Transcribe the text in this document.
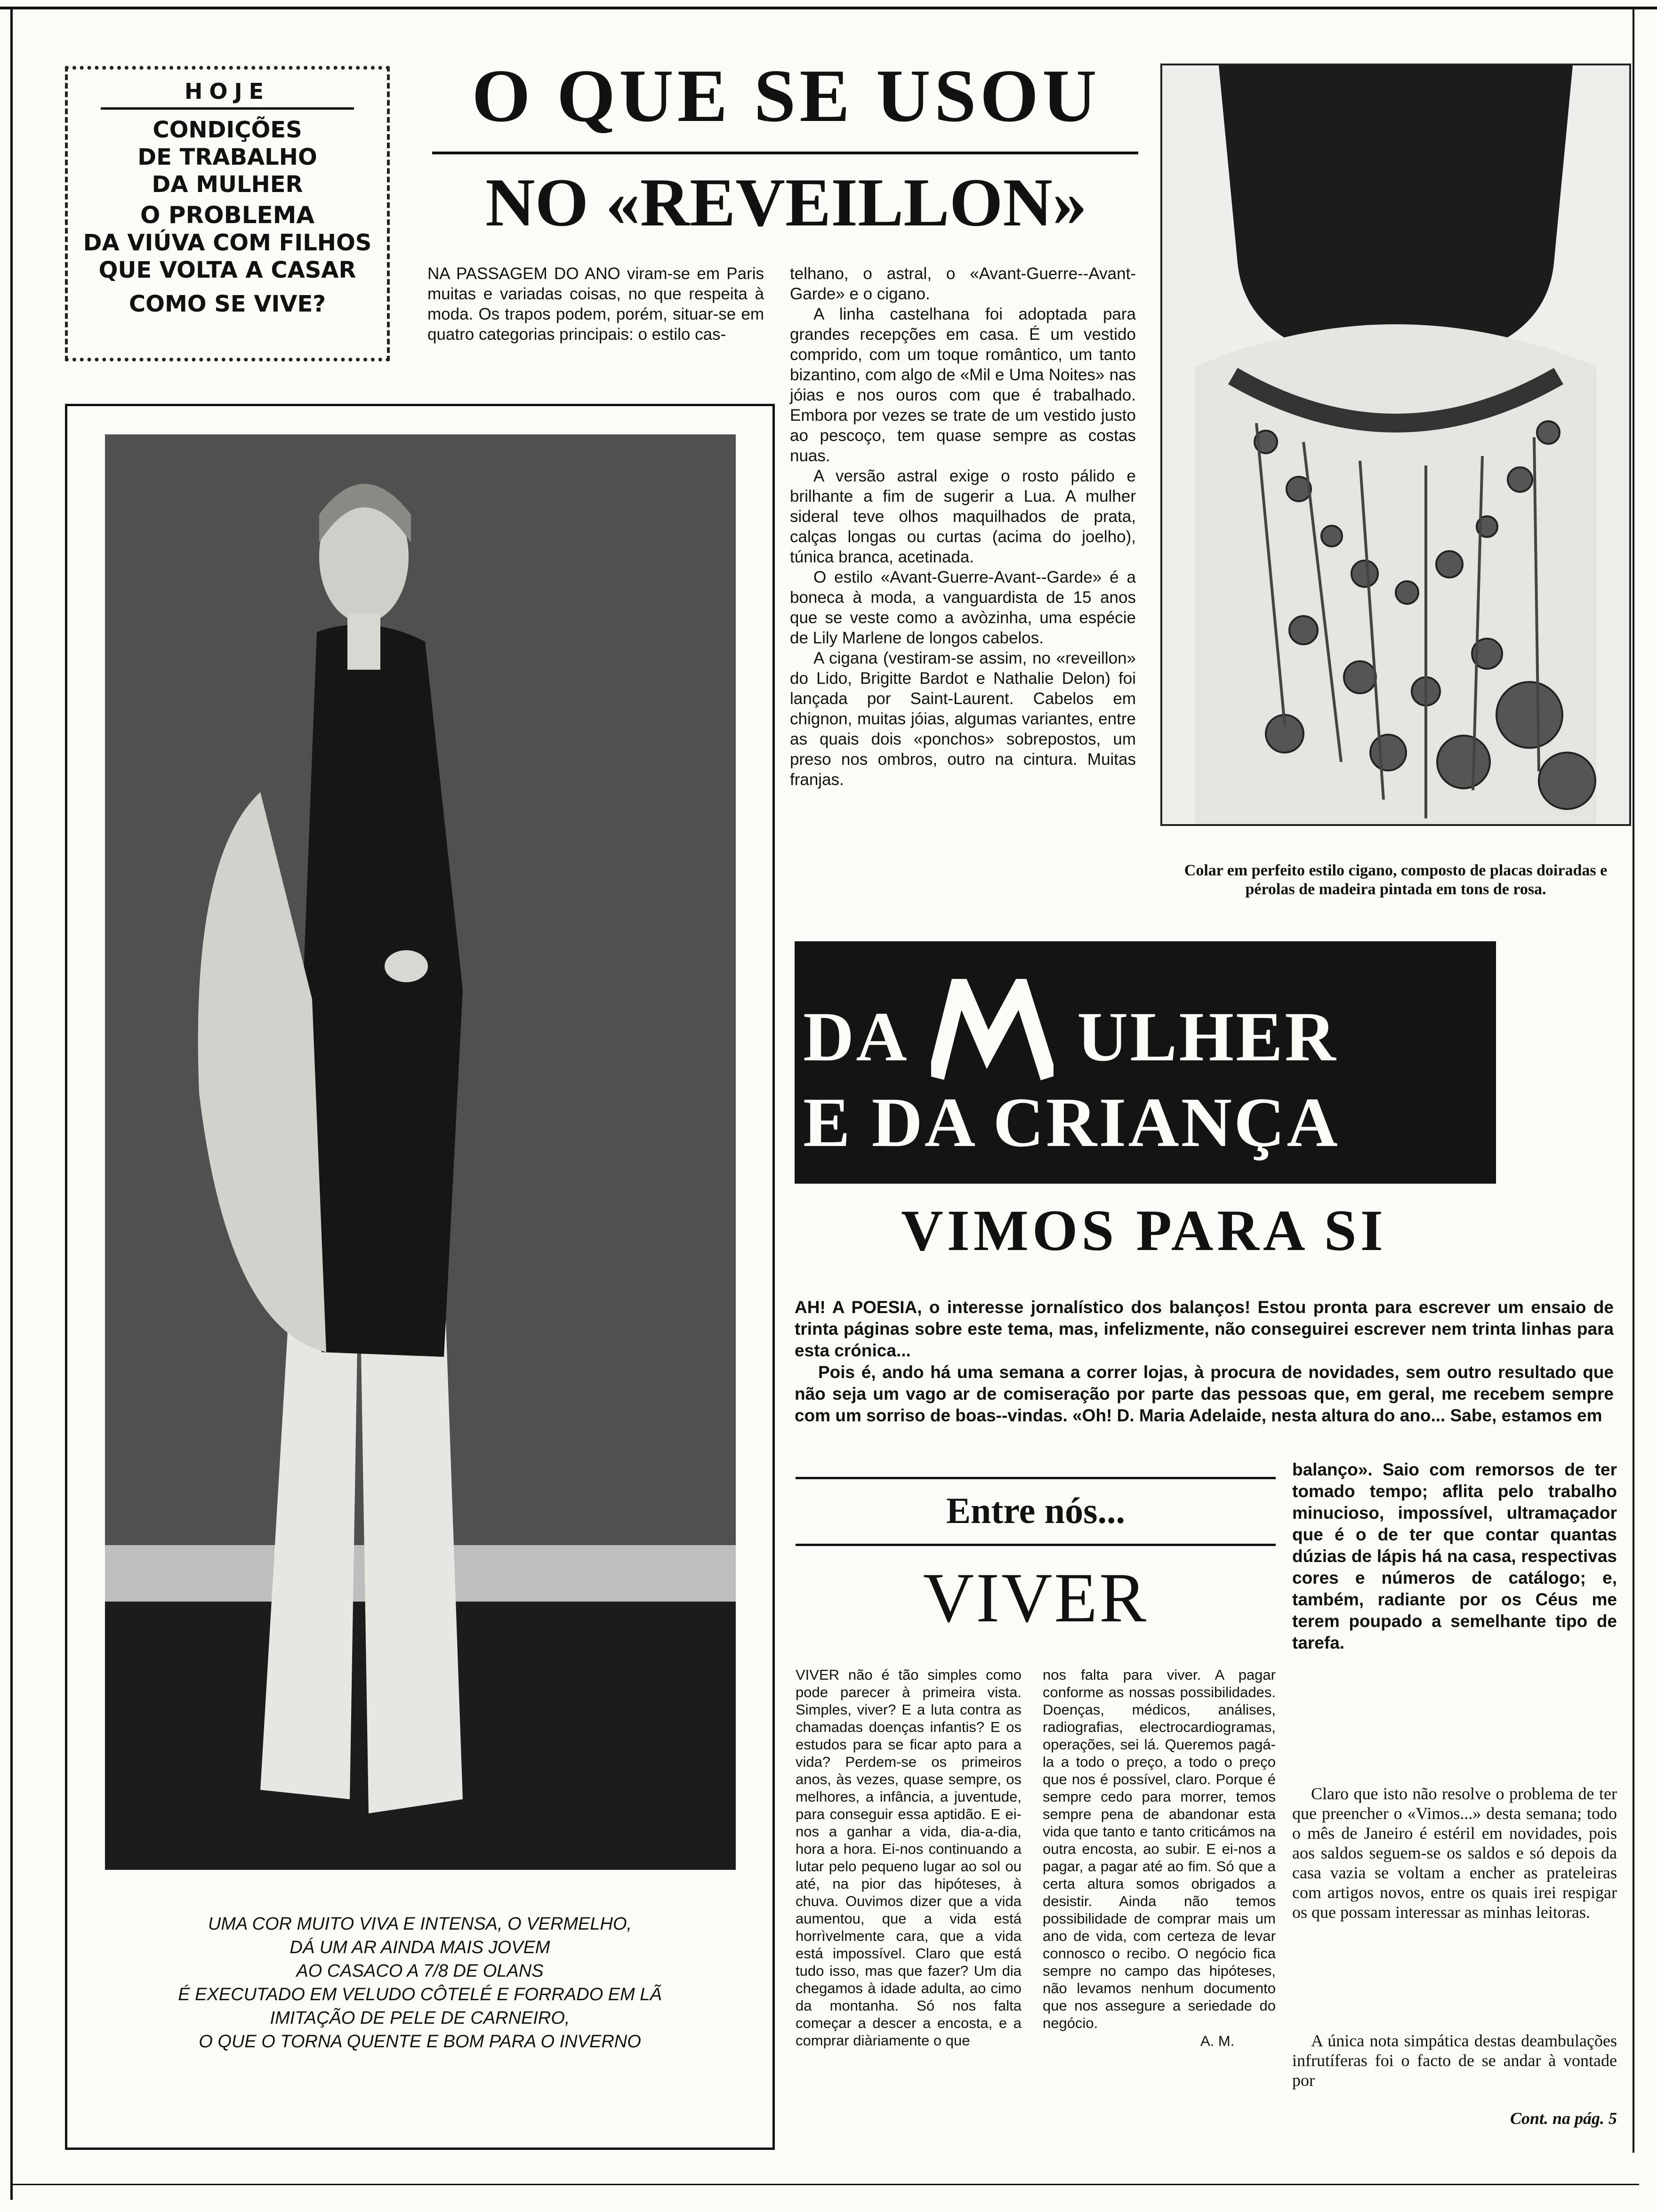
HOJE
CONDIÇÕES
DE TRABALHO
DA MULHER
O PROBLEMA
DA VIÚVA COM FILHOS
QUE VOLTA A CASAR
COMO SE VIVE?
O QUE SE USOU
NO «REVEILLON»

NA PASSAGEM DO ANO viram-se em Paris muitas e variadas coisas, no que respeita à moda. Os trapos podem, porém, situar-se em quatro categorias principais: o estilo cas-

telhano, o astral, o «Avant-Guerre--Avant-Garde» e o cigano.

A linha castelhana foi adoptada para grandes recepções em casa. É um vestido comprido, com um toque romântico, um tanto bizantino, com algo de «Mil e Uma Noites» nas jóias e nos ouros com que é trabalhado. Embora por vezes se trate de um vestido justo ao pescoço, tem quase sempre as costas nuas.

A versão astral exige o rosto pálido e brilhante a fim de sugerir a Lua. A mulher sideral teve olhos maquilhados de prata, calças longas ou curtas (acima do joelho), túnica branca, acetinada.

O estilo «Avant-Guerre-Avant--Garde» é a boneca à moda, a vanguardista de 15 anos que se veste como a avòzinha, uma espécie de Lily Marlene de longos cabelos.

A cigana (vestiram-se assim, no «reveillon» do Lido, Brigitte Bardot e Nathalie Delon) foi lançada por Saint-Laurent. Cabelos em chignon, muitas jóias, algumas variantes, entre as quais dois «ponchos» sobrepostos, um preso nos ombros, outro na cintura. Muitas franjas.

Colar em perfeito estilo cigano, composto de placas doiradas e pérolas de madeira pintada em tons de rosa.
UMA COR MUITO VIVA E INTENSA, O VERMELHO,
DÁ UM AR AINDA MAIS JOVEM
AO CASACO A 7/8 DE OLANS
É EXECUTADO EM VELUDO CÔTELÉ E FORRADO EM LÃ
IMITAÇÃO DE PELE DE CARNEIRO,
O QUE O TORNA QUENTE E BOM PARA O INVERNO
DA ULHER
E DA CRIANÇA
VIMOS PARA SI

AH! A POESIA, o interesse jornalístico dos balanços! Estou pronta para escrever um ensaio de trinta páginas sobre este tema, mas, infelizmente, não conseguirei escrever nem trinta linhas para esta crónica...

Pois é, ando há uma semana a correr lojas, à procura de novidades, sem outro resultado que não seja um vago ar de comiseração por parte das pessoas que, em geral, me recebem sempre com um sorriso de boas--vindas. «Oh! D. Maria Adelaide, nesta altura do ano... Sabe, estamos em

Entre nós...
VIVER
VIVER não é tão simples como pode parecer à primeira vista. Simples, viver? E a luta contra as chamadas doenças infantis? E os estudos para se ficar apto para a vida? Perdem-se os primeiros anos, às vezes, quase sempre, os melhores, a infância, a juventude, para conseguir essa aptidão. E ei-nos a ganhar a vida, dia-a-dia, hora a hora. Ei-nos continuando a lutar pelo pequeno lugar ao sol ou até, na pior das hipóteses, à chuva. Ouvimos dizer que a vida aumentou, que a vida está horrìvelmente cara, que a vida está impossível. Claro que está tudo isso, mas que fazer? Um dia chegamos à idade adulta, ao cimo da montanha. Só nos falta começar a descer a encosta, e a comprar diàriamente o que
nos falta para viver. A pagar conforme as nossas possibilidades. Doenças, médicos, análises, radiografias, electrocardiogramas, operações, sei lá. Queremos pagá-la a todo o preço, a todo o preço que nos é possível, claro. Porque é sempre cedo para morrer, temos sempre pena de abandonar esta vida que tanto e tanto criticámos na outra encosta, ao subir. E ei-nos a pagar, a pagar até ao fim. Só que a certa altura somos obrigados a desistir. Ainda não temos possibilidade de comprar mais um ano de vida, com certeza de levar connosco o recibo. O negócio fica sempre no campo das hipóteses, não levamos nenhum documento que nos assegure a seriedade do negócio.
A. M.
balanço». Saio com remorsos de ter tomado tempo; aflita pelo trabalho minucioso, impossível, ultramaçador que é o de ter que contar quantas dúzias de lápis há na casa, respectivas cores e números de catálogo; e, também, radiante por os Céus me terem poupado a semelhante tipo de tarefa.
Claro que isto não resolve o problema de ter que preencher o «Vimos...» desta semana; todo o mês de Janeiro é estéril em novidades, pois aos saldos seguem-se os saldos e só depois da casa vazia se voltam a encher as prateleiras com artigos novos, entre os quais irei respigar os que possam interessar as minhas leitoras.
A única nota simpática destas deambulações infrutíferas foi o facto de se andar à vontade por
Cont. na pág. 5
